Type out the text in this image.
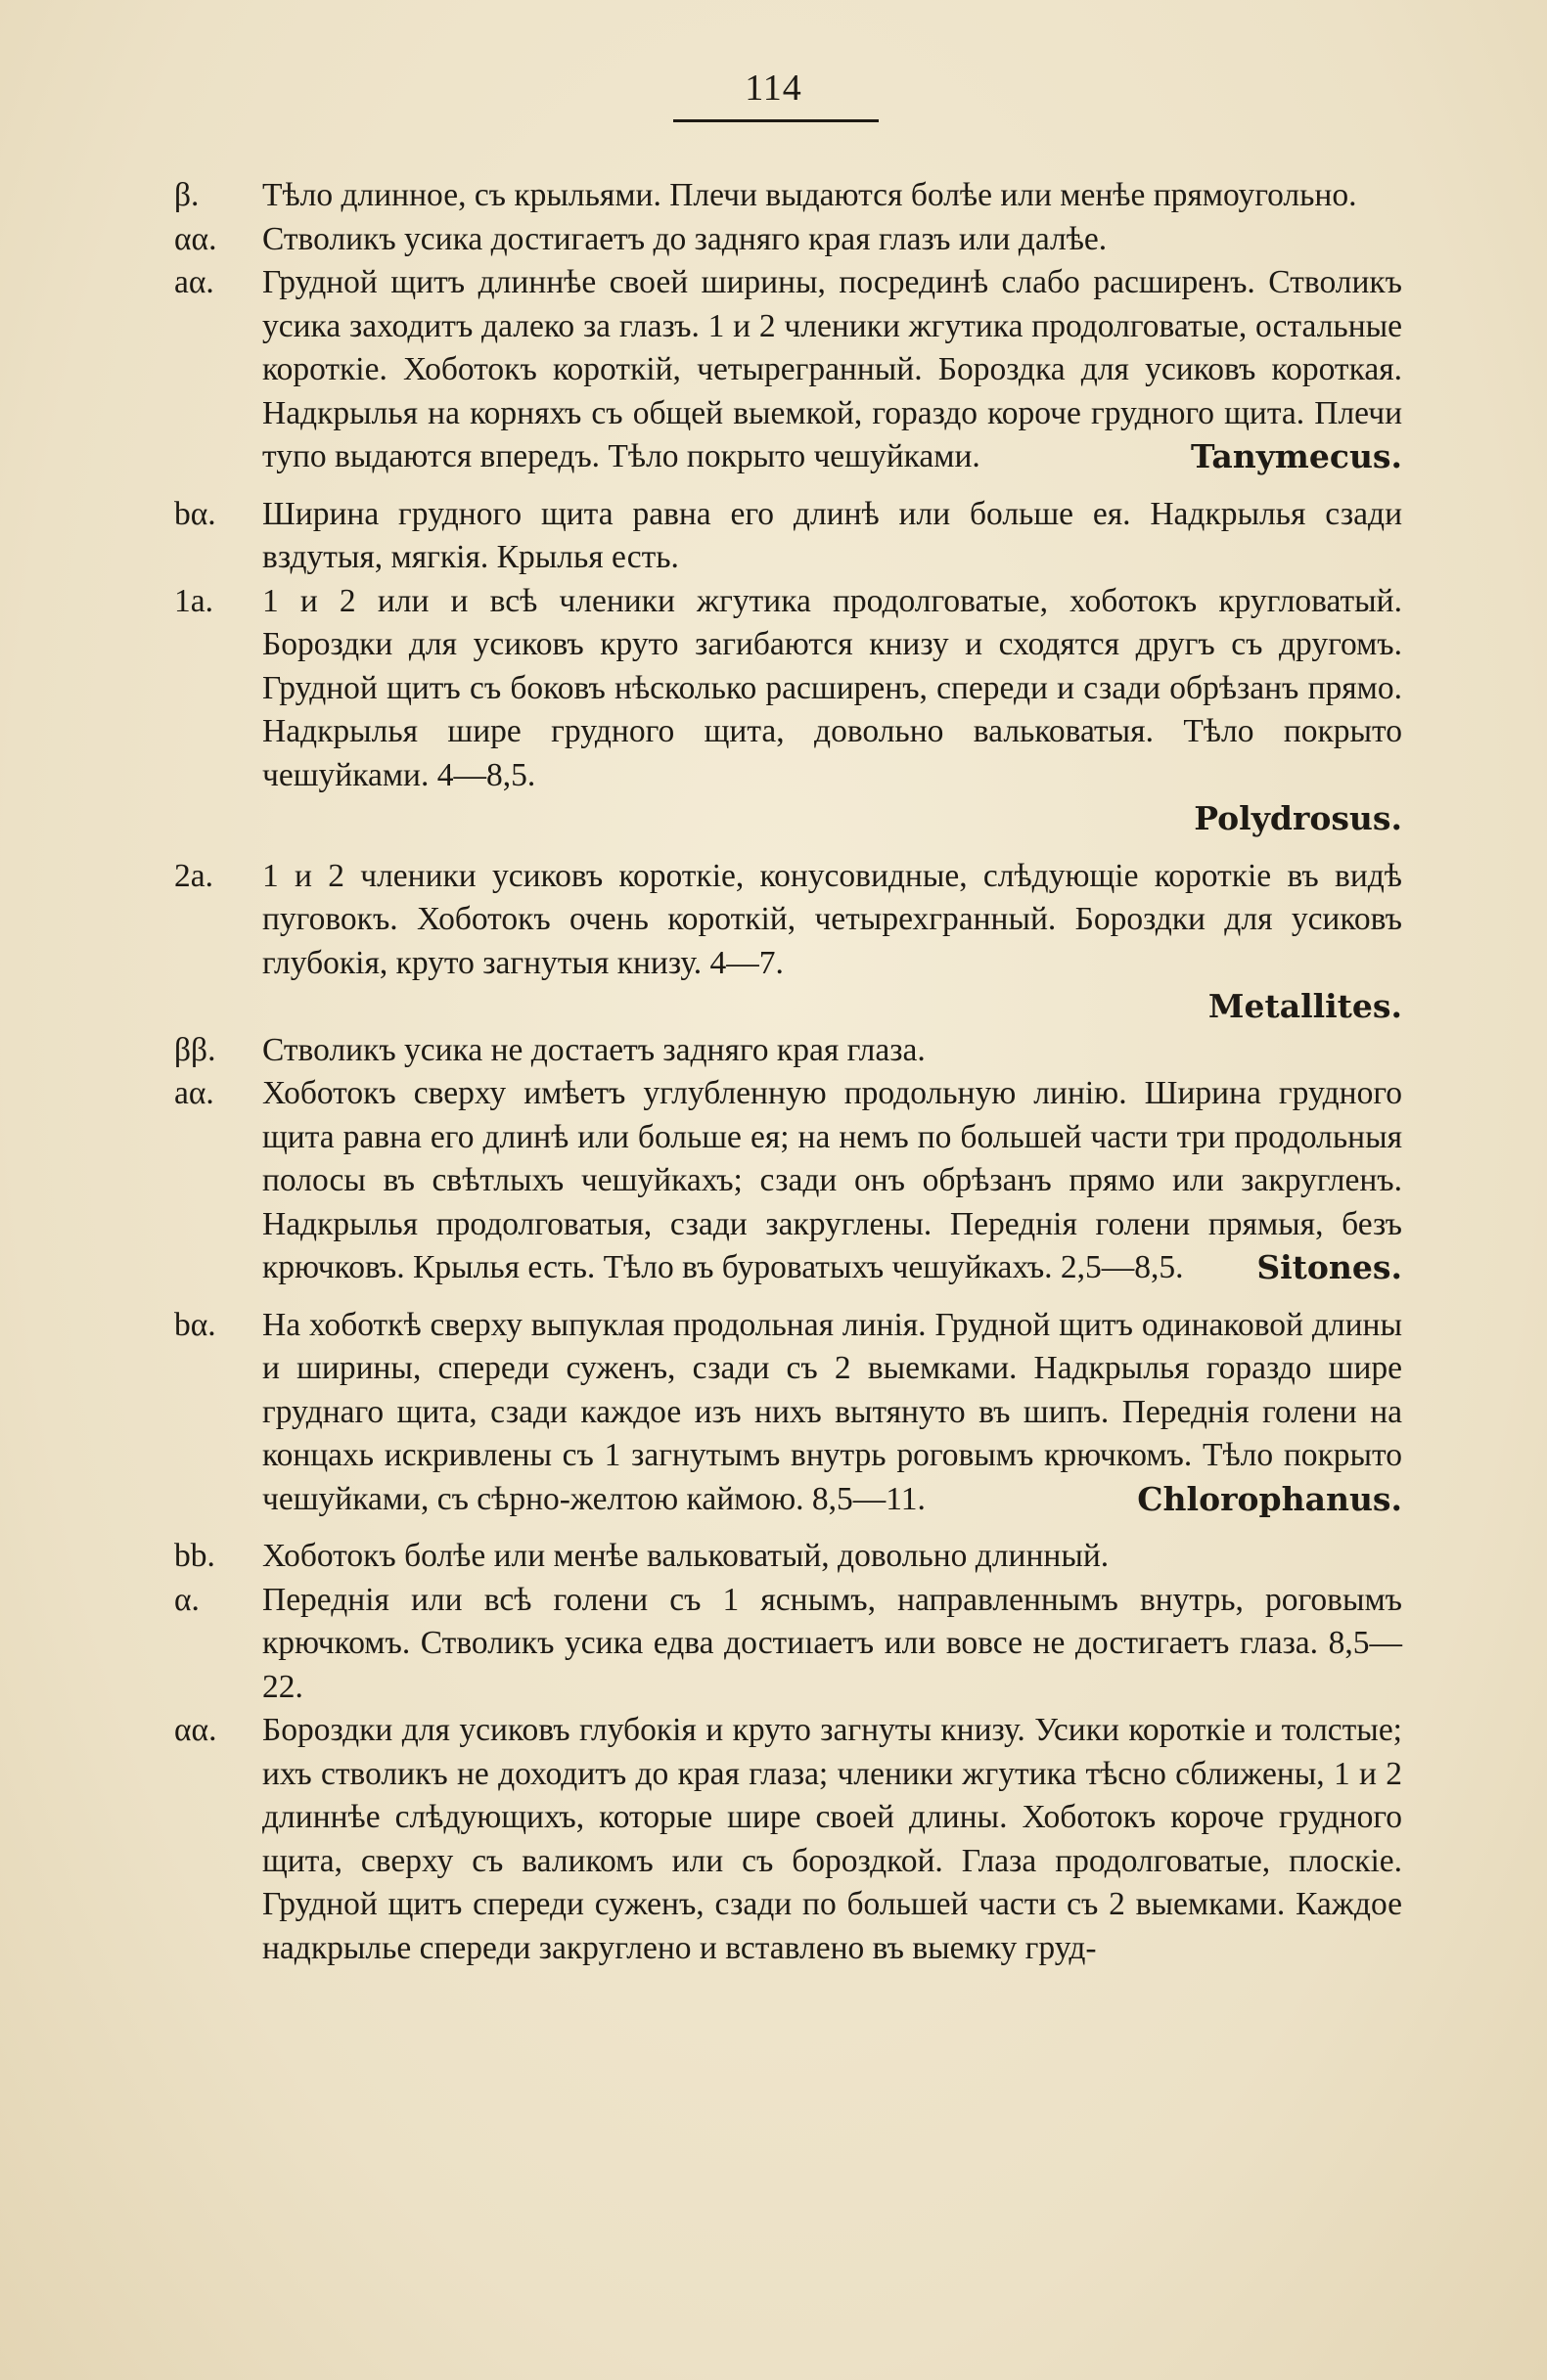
114
β.	Тѣло длинное, съ крыльями. Плечи выдаются болѣе или менѣе прямоугольно.
αα.	Стволикъ усика достигаетъ до задняго края глазъ или далѣе.
aα.	Грудной щитъ длиннѣе своей ширины, посрединѣ слабо расширенъ. Стволикъ усика заходитъ далеко за глазъ. 1 и 2 членики жгутика продолговатые, остальные короткіе. Хоботокъ короткій, четырегранный. Бороздка для усиковъ короткая. Надкрылья на корняхъ съ общей выемкой, гораздо короче грудного щита. Плечи тупо выдаются впередъ. Тѣло покрыто чешуйками.	Tanymecus.
bα.	Ширина грудного щита равна его длинѣ или больше ея. Надкрылья сзади вздутыя, мягкія. Крылья есть.
1a.	1 и 2 или и всѣ членики жгутика продолговатые, хоботокъ кругловатый. Бороздки для усиковъ круто загибаются книзу и сходятся другъ съ другомъ. Грудной щитъ съ боковъ нѣсколько расширенъ, спереди и сзади обрѣзанъ прямо. Надкрылья шире грудного щита, довольно вальковатыя. Тѣло покрыто чешуйками. 4—8,5.
Polydrosus.
2a.	1 и 2 членики усиковъ короткіе, конусовидные, слѣдующіе короткіе въ видѣ пуговокъ. Хоботокъ очень короткій, четырехгранный. Бороздки для усиковъ глубокія, круто загнутыя книзу. 4—7.
Metallites.
ββ.	Стволикъ усика не достаетъ задняго края глаза.
aα.	Хоботокъ сверху имѣетъ углубленную продольную линію. Ширина грудного щита равна его длинѣ или больше ея; на немъ по большей части три продольныя полосы въ свѣтлыхъ чешуйкахъ; сзади онъ обрѣзанъ прямо или закругленъ. Надкрылья продолговатыя, сзади закруглены. Переднія голени прямыя, безъ крючковъ. Крылья есть. Тѣло въ буроватыхъ чешуйкахъ. 2,5—8,5. Sitones.
bα.	На хоботкѣ сверху выпуклая продольная линія. Грудной щитъ одинаковой длины и ширины, спереди суженъ, сзади съ 2 выемками. Надкрылья гораздо шире груднаго щита, сзади каждое изъ нихъ вытянуто въ шипъ. Переднія голени на концахь искривлены съ 1 загнутымъ внутрь роговымъ крючкомъ. Тѣло покрыто чешуйками, съ сѣрно-желтою каймою. 8,5—11.	Chlorophanus.
bb.	Хоботокъ болѣе или менѣе вальковатый, довольно длинный.
α.	Переднія или всѣ голени съ 1 яснымъ, направленнымъ внутрь, роговымъ крючкомъ. Стволикъ усика едва достиıаетъ или вовсе не достигаетъ глаза. 8,5—22.
αα.	Бороздки для усиковъ глубокія и круто загнуты книзу. Усики короткіе и толстые; ихъ стволикъ не доходитъ до края глаза; членики жгутика тѣсно сближены, 1 и 2 длиннѣе слѣдующихъ, которые шире своей длины. Хоботокъ короче грудного щита, сверху съ валикомъ или съ бороздкой. Глаза продолговатые, плоскіе. Грудной щитъ спереди суженъ, сзади по большей части съ 2 выемками. Каждое надкрылье спереди закруглено и вставлено въ выемку груд-
